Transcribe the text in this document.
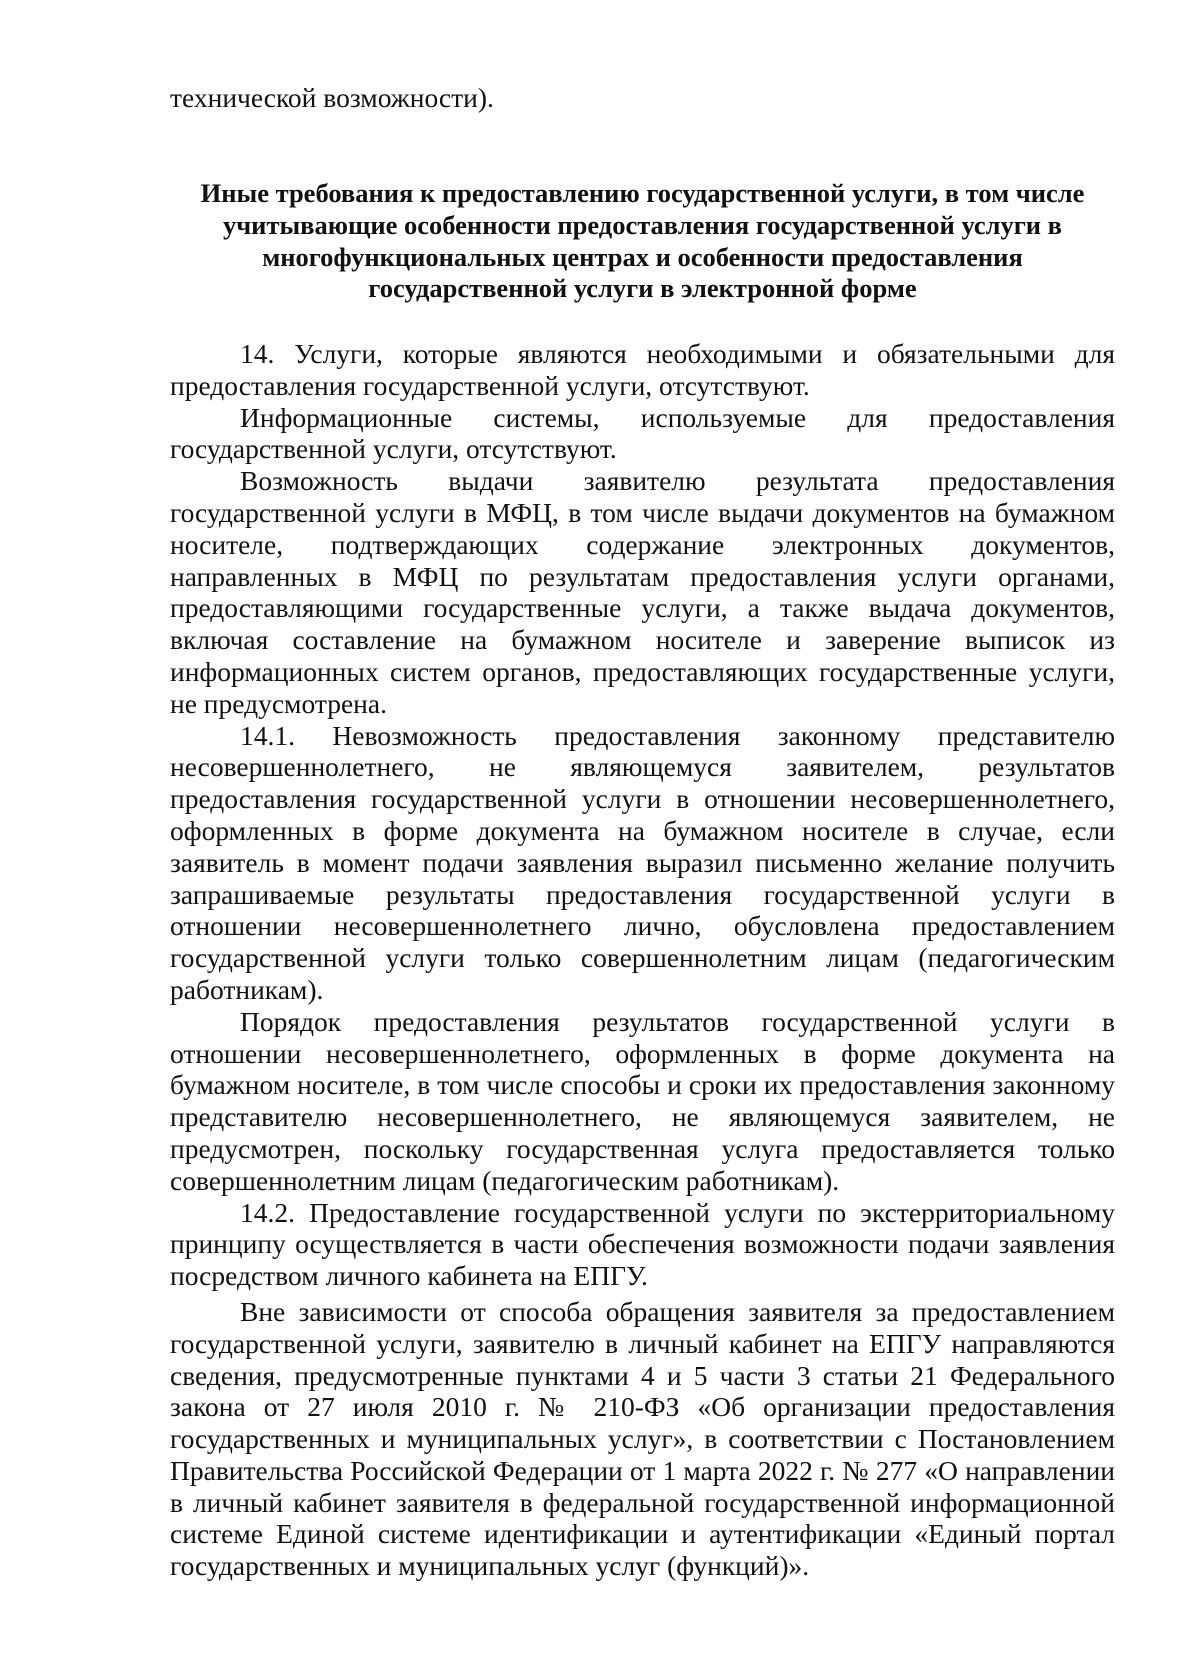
технической возможности).

Иные требования к предоставлению государственной услуги, в том числе учитывающие особенности предоставления государственной услуги в многофункциональных центрах и особенности предоставления государственной услуги в электронной форме

14. Услуги, которые являются необходимыми и обязательными для предоставления государственной услуги, отсутствуют.

Информационные системы, используемые для предоставления государственной услуги, отсутствуют.

Возможность выдачи заявителю результата предоставления государственной услуги в МФЦ, в том числе выдачи документов на бумажном носителе, подтверждающих содержание электронных документов, направленных в МФЦ по результатам предоставления услуги органами, предоставляющими государственные услуги, а также выдача документов, включая составление на бумажном носителе и заверение выписок из информационных систем органов, предоставляющих государственные услуги, не предусмотрена.

14.1. Невозможность предоставления законному представителю несовершеннолетнего, не являющемуся заявителем, результатов предоставления государственной услуги в отношении несовершеннолетнего, оформленных в форме документа на бумажном носителе в случае, если заявитель в момент подачи заявления выразил письменно желание получить запрашиваемые результаты предоставления государственной услуги в отношении несовершеннолетнего лично, обусловлена предоставлением государственной услуги только совершеннолетним лицам (педагогическим работникам).

Порядок предоставления результатов государственной услуги в отношении несовершеннолетнего, оформленных в форме документа на бумажном носителе, в том числе способы и сроки их предоставления законному представителю несовершеннолетнего, не являющемуся заявителем, не предусмотрен, поскольку государственная услуга предоставляется только совершеннолетним лицам (педагогическим работникам).

14.2. Предоставление государственной услуги по экстерриториальному принципу осуществляется в части обеспечения возможности подачи заявления посредством личного кабинета на ЕПГУ.

Вне зависимости от способа обращения заявителя за предоставлением государственной услуги, заявителю в личный кабинет на ЕПГУ направляются сведения, предусмотренные пунктами 4 и 5 части 3 статьи 21 Федерального закона от 27 июля 2010 г. № 210-ФЗ «Об организации предоставления государственных и муниципальных услуг», в соответствии с Постановлением Правительства Российской Федерации от 1 марта 2022 г. № 277 «О направлении в личный кабинет заявителя в федеральной государственной информационной системе Единой системе идентификации и аутентификации «Единый портал государственных и муниципальных услуг (функций)».
